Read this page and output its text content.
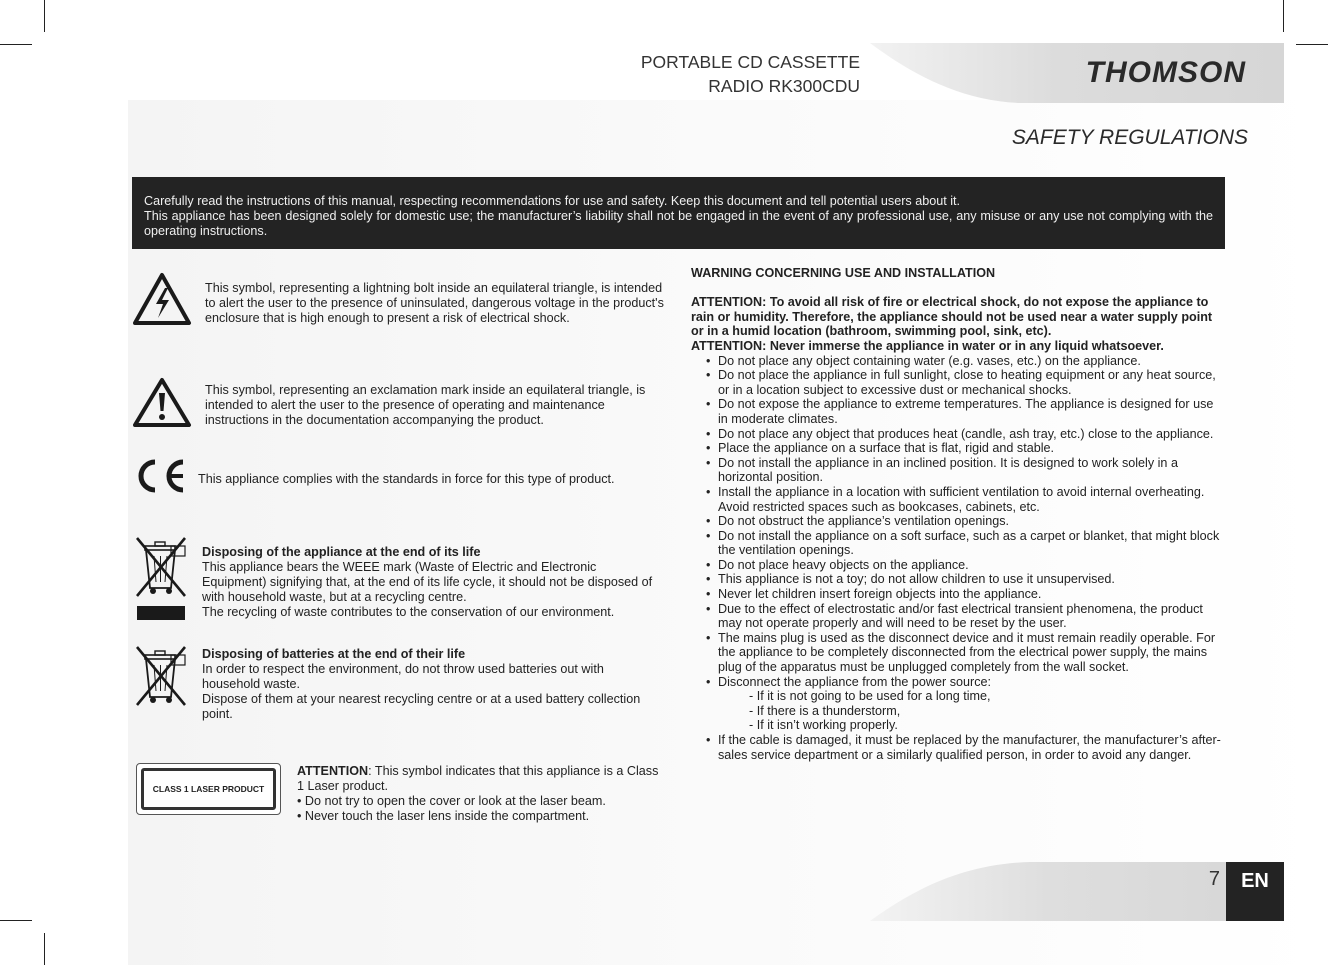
PORTABLE CD CASSETTE
RADIO RK300CDU	THOMSON
SAFETY REGULATIONS

Carefully read the instructions of this manual, respecting recommendations for use and safety. Keep this document and tell potential users about it.

This appliance has been designed solely for domestic use; the manufacturer’s liability shall not be engaged in the event of any professional use, any misuse or any use not complying with the operating instructions.

This symbol, representing a lightning bolt inside an equilateral triangle, is intended to alert the user to the presence of uninsulated, dangerous voltage in the product's enclosure that is high enough to present a risk of electrical shock.
This symbol, representing an exclamation mark inside an equilateral triangle, is intended to alert the user to the presence of operating and maintenance instructions in the documentation accompanying the product.
This appliance complies with the standards in force for this type of product.

Disposing of the appliance at the end of its life

This appliance bears the WEEE mark (Waste of Electric and Electronic Equipment) signifying that, at the end of its life cycle, it should not be disposed of with household waste, but at a recycling centre.

The recycling of waste contributes to the conservation of our environment.

Disposing of batteries at the end of their life

In order to respect the environment, do not throw used batteries out with household waste.

Dispose of them at your nearest recycling centre or at a used battery collection point.

CLASS 1 LASER PRODUCT

ATTENTION: This symbol indicates that this appliance is a Class 1 Laser product.

• Do not try to open the cover or look at the laser beam.

• Never touch the laser lens inside the compartment.

WARNING CONCERNING USE AND INSTALLATION

ATTENTION: To avoid all risk of fire or electrical shock, do not expose the appliance to rain or humidity. Therefore, the appliance should not be used near a water supply point or in a humid location (bathroom, swimming pool, sink, etc).

ATTENTION: Never immerse the appliance in water or in any liquid whatsoever.

• Do not place any object containing water (e.g. vases, etc.) on the appliance.
• Do not place the appliance in full sunlight, close to heating equipment or any heat source, or in a location subject to excessive dust or mechanical shocks.
• Do not expose the appliance to extreme temperatures. The appliance is designed for use in moderate climates.
• Do not place any object that produces heat (candle, ash tray, etc.) close to the appliance.
• Place the appliance on a surface that is flat, rigid and stable.
• Do not install the appliance in an inclined position. It is designed to work solely in a horizontal position.
• Install the appliance in a location with sufficient ventilation to avoid internal overheating. Avoid restricted spaces such as bookcases, cabinets, etc.
• Do not obstruct the appliance’s ventilation openings.
• Do not install the appliance on a soft surface, such as a carpet or blanket, that might block the ventilation openings.
• Do not place heavy objects on the appliance.
• This appliance is not a toy; do not allow children to use it unsupervised.
• Never let children insert foreign objects into the appliance.
• Due to the effect of electrostatic and/or fast electrical transient phenomena, the product may not operate properly and will need to be reset by the user.
• The mains plug is used as the disconnect device and it must remain readily operable. For the appliance to be completely disconnected from the electrical power supply, the mains plug of the apparatus must be unplugged completely from the wall socket.
• Disconnect the appliance from the power source:

- If it is not going to be used for a long time,

- If there is a thunderstorm,

- If it isn’t working properly.

• If the cable is damaged, it must be replaced by the manufacturer, the manufacturer’s after-sales service department or a similarly qualified person, in order to avoid any danger.
7	EN
